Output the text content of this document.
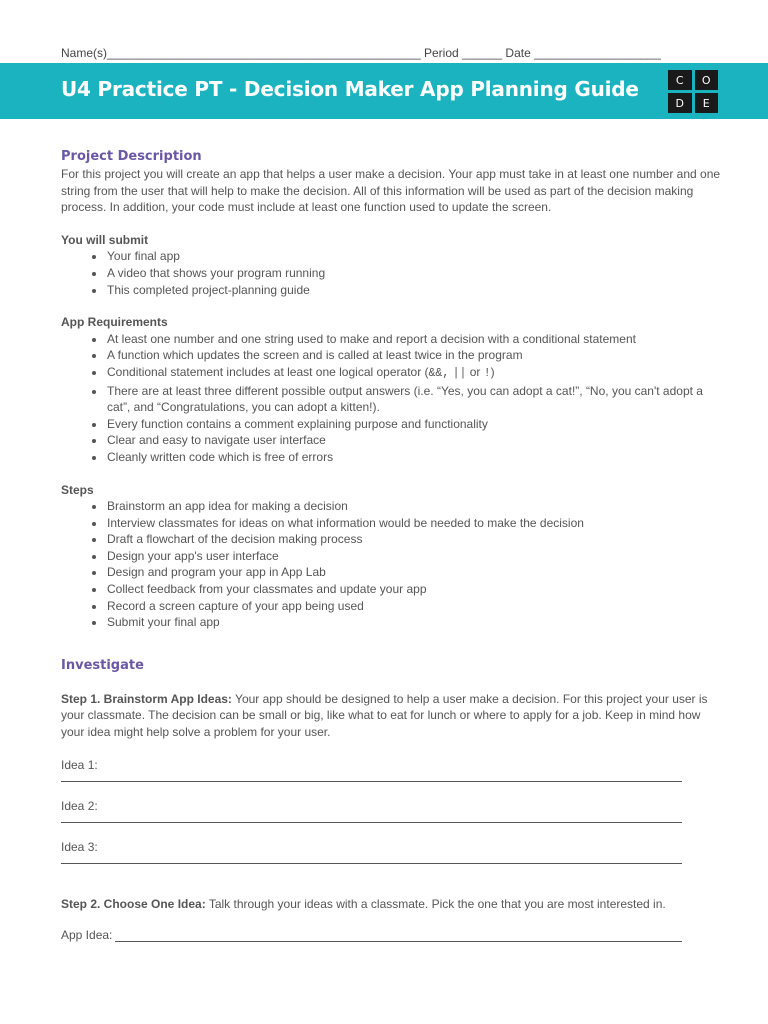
Name(s)_______________________________________________ Period ______ Date ___________________
U4 Practice PT - Decision Maker App Planning Guide	C	O
D	E
Project Description

For this project you will create an app that helps a user make a decision. Your app must take in at least one number and one string from the user that will help to make the decision. All of this information will be used as part of the decision making process. In addition, your code must include at least one function used to update the screen.

You will submit
• Your final app
• A video that shows your program running
• This completed project-planning guide
App Requirements
• At least one number and one string used to make and report a decision with a conditional statement
• A function which updates the screen and is called at least twice in the program
• Conditional statement includes at least one logical operator (&&, || or !)
• There are at least three different possible output answers (i.e. “Yes, you can adopt a cat!”, “No, you can't adopt a cat”, and “Congratulations, you can adopt a kitten!).
• Every function contains a comment explaining purpose and functionality
• Clear and easy to navigate user interface
• Cleanly written code which is free of errors
Steps
• Brainstorm an app idea for making a decision
• Interview classmates for ideas on what information would be needed to make the decision
• Draft a flowchart of the decision making process
• Design your app's user interface
• Design and program your app in App Lab
• Collect feedback from your classmates and update your app
• Record a screen capture of your app being used
• Submit your final app
Investigate

Step 1. Brainstorm App Ideas: Your app should be designed to help a user make a decision. For this project your user is your classmate. The decision can be small or big, like what to eat for lunch or where to apply for a job. Keep in mind how your idea might help solve a problem for your user.

Idea 1:
Idea 2:
Idea 3:

Step 2. Choose One Idea: Talk through your ideas with a classmate. Pick the one that you are most interested in.

App Idea:
